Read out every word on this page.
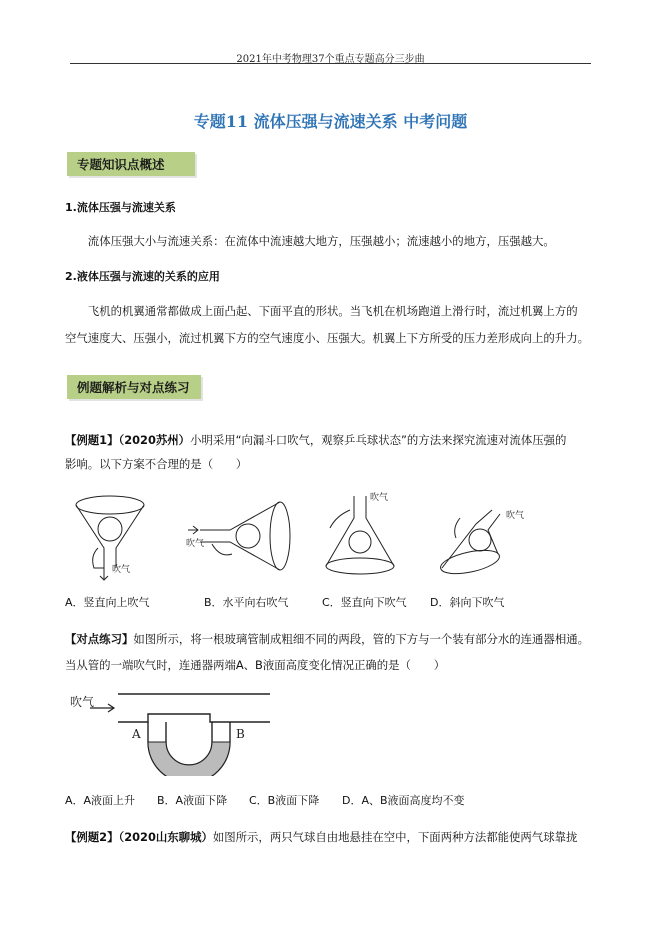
2021年中考物理37个重点专题高分三步曲
专题11 流体压强与流速关系 中考问题
专题知识点概述
1.流体压强与流速关系
流体压强大小与流速关系：在流体中流速越大地方，压强越小；流速越小的地方，压强越大。
2.液体压强与流速的关系的应用
飞机的机翼通常都做成上面凸起、下面平直的形状。当飞机在机场跑道上滑行时，流过机翼上方的
空气速度大、压强小，流过机翼下方的空气速度小、压强大。机翼上下方所受的压力差形成向上的升力。
例题解析与对点练习
【例题1】（2020苏州）小明采用“向漏斗口吹气，观察乒乓球状态”的方法来探究流速对流体压强的
影响。以下方案不合理的是（　　）
吹气
吹气
吹气
吹气
A．竖直向上吹气	B．水平向右吹气	C．竖直向下吹气 D．斜向下吹气
【对点练习】如图所示，将一根玻璃管制成粗细不同的两段，管的下方与一个装有部分水的连通器相通。
当从管的一端吹气时，连通器两端A、B液面高度变化情况正确的是（　　）
吹气
A	B
A．A液面上升 B．A液面下降 C．B液面下降 D．A、B液面高度均不变
【例题2】（2020山东聊城）如图所示，两只气球自由地悬挂在空中，下面两种方法都能使两气球靠拢
